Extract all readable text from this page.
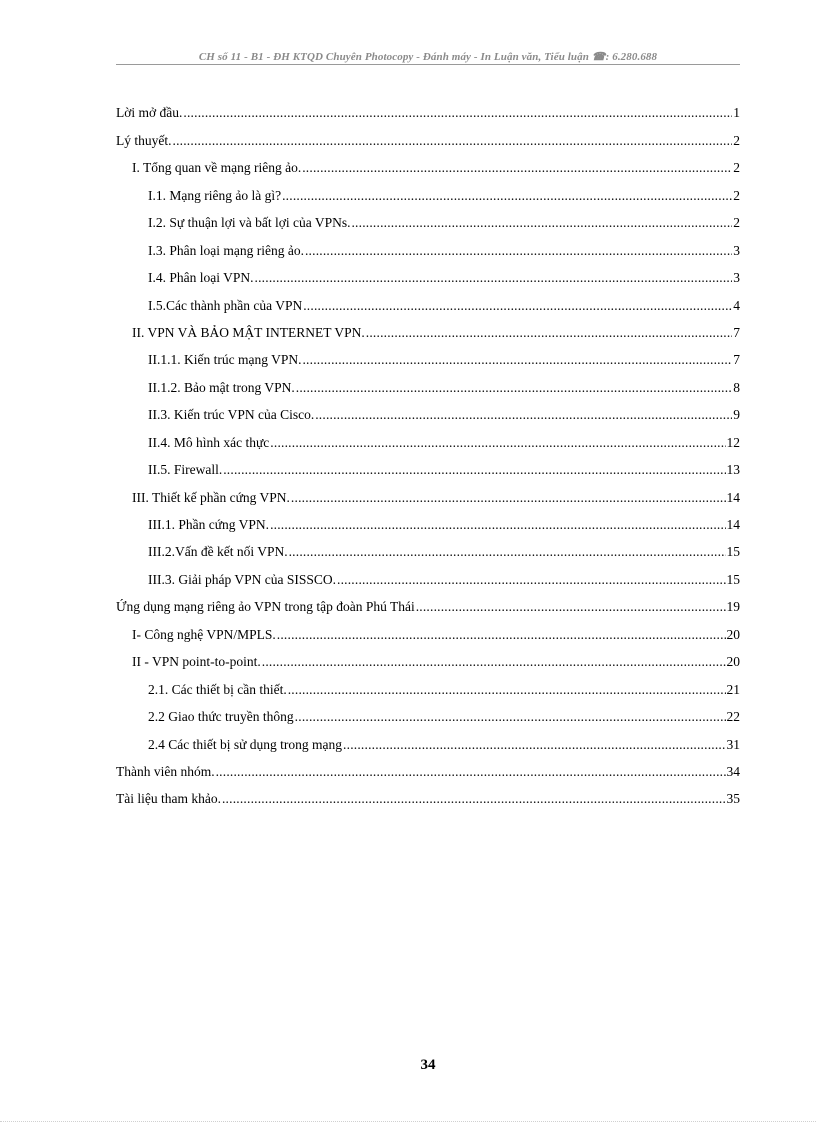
CH số 11 - B1 - ĐH KTQD Chuyên Photocopy - Đánh máy - In Luận văn, Tiểu luận ☎: 6.280.688
Lời mở đầu. .....	1
Lý thuyết. .....	2
I. Tổng quan về mạng riêng ảo. .....	2
I.1. Mạng riêng ảo là gì? .....	2
I.2. Sự thuận lợi và bất lợi của VPNs. .....	2
I.3. Phân loại mạng riêng ảo. .....	3
I.4. Phân loại VPN. .....	3
I.5.Các thành phần của VPN .....	4
II. VPN VÀ BẢO MẬT INTERNET VPN. .....	7
II.1.1. Kiến trúc mạng VPN. .....	7
II.1.2. Bảo mật trong VPN. .....	8
II.3. Kiến trúc VPN của Cisco. .....	9
II.4. Mô hình xác thực .....	12
II.5. Firewall. .....	13
III. Thiết kế phần cứng VPN. .....	14
III.1. Phần cứng VPN. .....	14
III.2.Vấn đề kết nối VPN. .....	15
III.3. Giải pháp VPN của SISSCO. .....	15
Ứng dụng mạng riêng ảo VPN trong tập đoàn Phú Thái .....	19
I- Công nghệ VPN/MPLS. .....	20
II - VPN point-to-point. .....	20
2.1. Các thiết bị cần thiết. .....	21
2.2 Giao thức truyền thông .....	22
2.4 Các thiết bị sử dụng trong mạng .....	31
Thành viên nhóm. .....	34
Tài liệu tham khảo. .....	35
34
